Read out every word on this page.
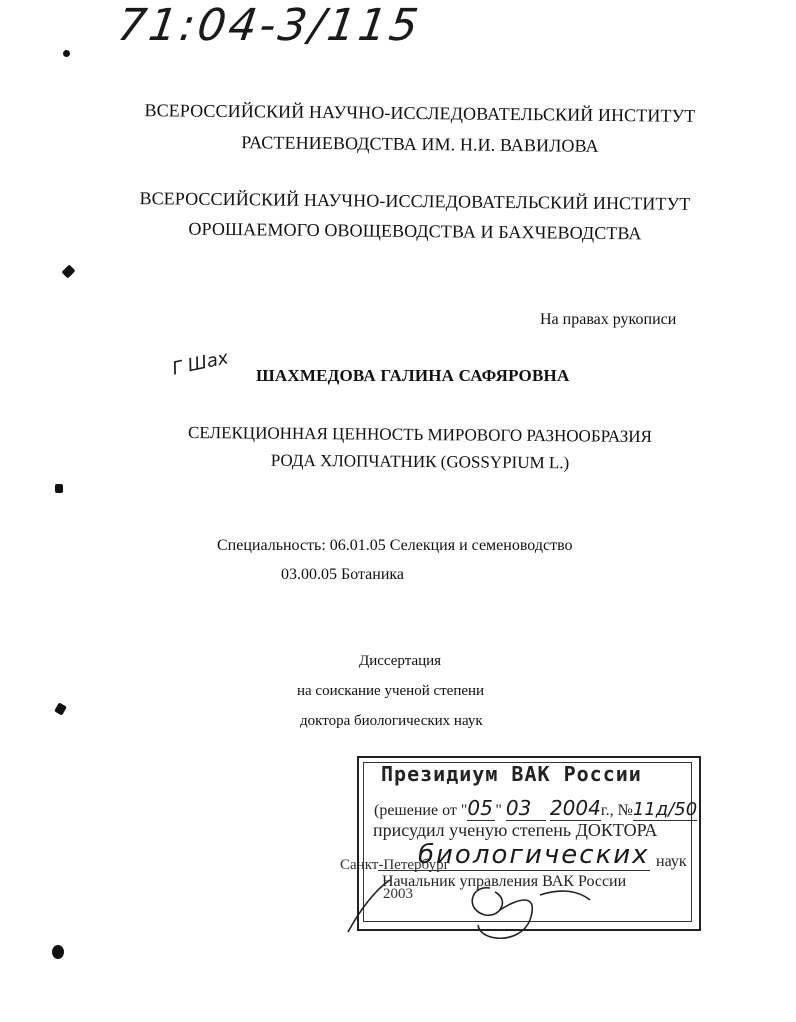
71:04-3/115
ВСЕРОССИЙСКИЙ НАУЧНО-ИССЛЕДОВАТЕЛЬСКИЙ ИНСТИТУТ
РАСТЕНИЕВОДСТВА ИМ. Н.И. ВАВИЛОВА
ВСЕРОССИЙСКИЙ НАУЧНО-ИССЛЕДОВАТЕЛЬСКИЙ ИНСТИТУТ
ОРОШАЕМОГО ОВОЩЕВОДСТВА И БАХЧЕВОДСТВА
На правах рукописи
Г Шах ШАХМЕДОВА ГАЛИНА САФЯРОВНА
СЕЛЕКЦИОННАЯ ЦЕННОСТЬ МИРОВОГО РАЗНООБРАЗИЯ
РОДА ХЛОПЧАТНИК (GOSSYPIUM L.)
Специальность: 06.01.05 Селекция и семеноводство
03.00.05 Ботаника
Диссертация
на соискание ученой степени
доктора биологических наук
Санкт-Петербург
2003
Президиум ВАК России
(решение от "05 " 03 2004г., №11д/50
присудил ученую степень ДОКТОРА
биологических наук
Начальник управления ВАК России
